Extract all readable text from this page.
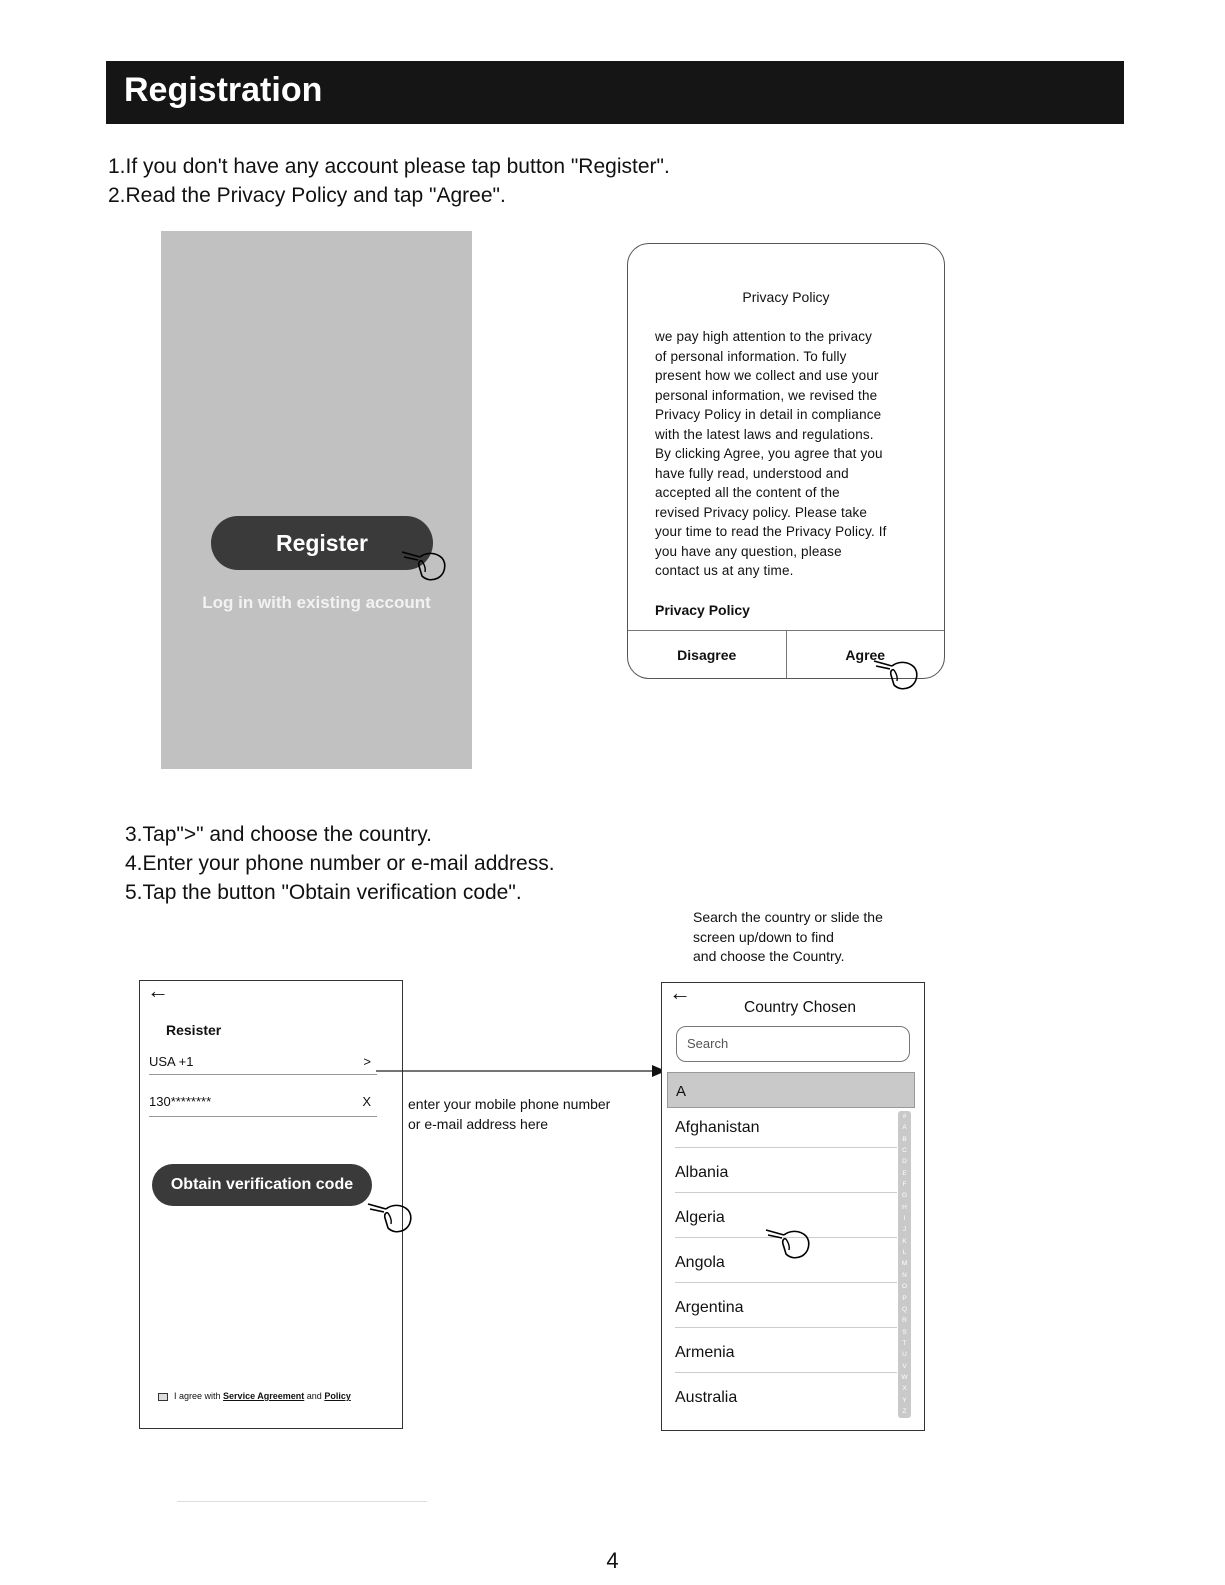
Registration
1.If you don't have any account please tap button "Register".
2.Read the Privacy Policy and tap "Agree".
Register
Log in with existing account
Privacy Policy
we pay high attention to the privacy
of personal information. To fully
present how we collect and use your
personal information, we revised the
Privacy Policy in detail in compliance
with the latest laws and regulations.
By clicking Agree, you agree that you
have fully read, understood and
accepted all the content of the
revised Privacy policy. Please take
your time to read the Privacy Policy. If
you have any question, please
contact us at any time.
Privacy Policy
Disagree	Agree
3.Tap">" and choose the country.
4.Enter your phone number or e-mail address.
5.Tap the button "Obtain verification code".
Search the country or slide the
screen up/down to find
and choose the Country.
←
Resister
USA +1	>
130********	X
Obtain verification code
I agree with Service Agreement and Policy
enter your mobile phone number
or e-mail address here
←
Country Chosen
Search
A
Afghanistan
Albania
Algeria
Angola
Argentina
Armenia
Australia
#
A
B
C
D
E
F
G
H
I
J
K
L
M
N
O
P
Q
R
S
T
U
V
W
X
Y
Z
4
